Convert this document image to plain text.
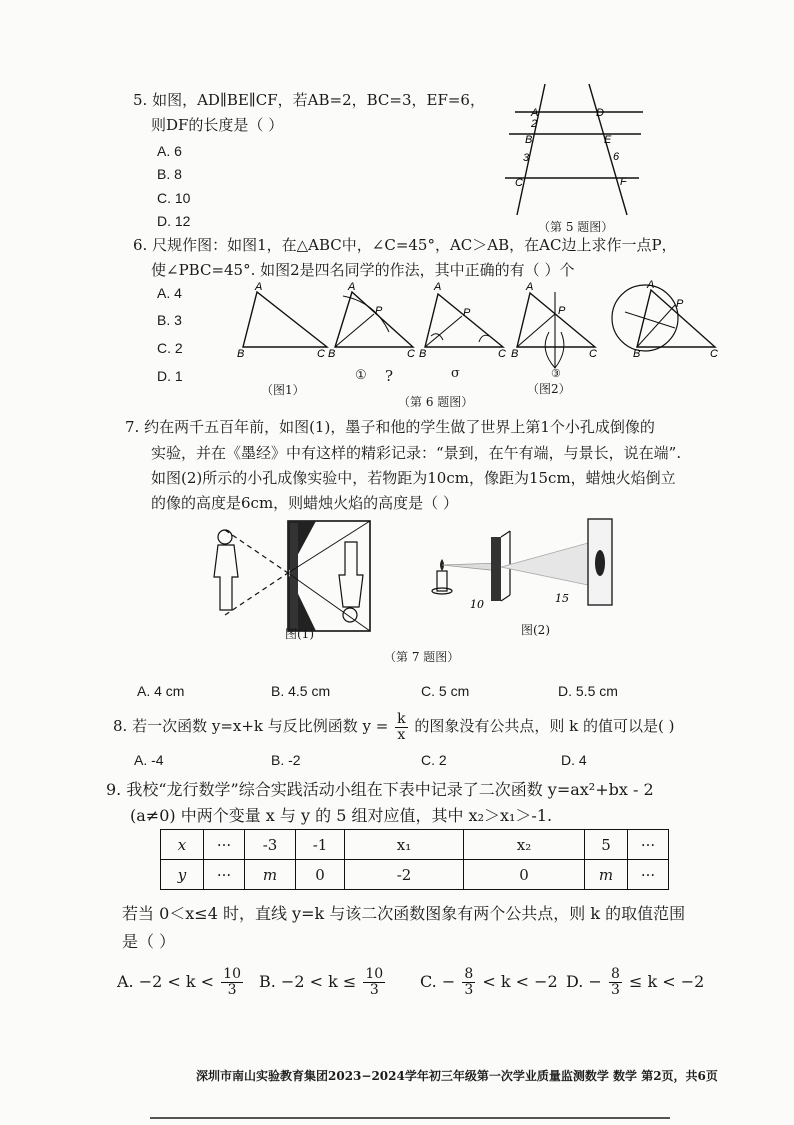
5. 如图，AD∥BE∥CF，若AB=2，BC=3，EF=6，
则DF的长度是（ ）
A. 6
B. 8
C. 10
D. 12
A
2
B
3
C
D
E
6
F
（第 5 题图）
6. 尺规作图：如图1，在△ABC中，∠C=45°，AC＞AB，在AC边上求作一点P，
使∠PBC=45°. 如图2是四名同学的作法，其中正确的有（ ）个
A. 4
B. 3
C. 2
D. 1
A
B	C
A
P
B	C
A
P
B	C
A
P
B	C
A
P
B	C
（图1）
① ?	σ
（图2）
③
（第 6 题图）
7. 约在两千五百年前，如图(1)，墨子和他的学生做了世界上第1个小孔成倒像的
实验，并在《墨经》中有这样的精彩记录：“景到，在午有端，与景长，说在端”.
如图(2)所示的小孔成像实验中，若物距为10cm，像距为15cm，蜡烛火焰倒立
的像的高度是6cm，则蜡烛火焰的高度是（ ）
10	15
图(1)	图(2)
（第 7 题图）
A. 4 cm	B. 4.5 cm	C. 5 cm	D. 5.5 cm
8. 若一次函数 y=x+k 与反比例函数 $y = \frac{k}{x}$ 的图象没有公共点，则 k 的值可以是( )
A. -4	B. -2	C. 2	D. 4
9. 我校“龙行数学”综合实践活动小组在下表中记录了二次函数 y=ax²+bx - 2
(a≠0) 中两个变量 x 与 y 的 5 组对应值，其中 x₂＞x₁＞-1.
x	···	-3	-1	x₁	x₂	5	···
y	···	m	0	-2	0	m	···
若当 0＜x≤4 时，直线 y=k 与该二次函数图象有两个公共点，则 k 的取值范围
是（ ）
A. $-2 < k < \frac{10}{3} B$. $-2 < k \le \frac{10}{3} C$. − $\frac{8}{3} < k < -2$ D. − $\frac{8}{3} \le k < -2$
深圳市南山实验教育集团2023−2024学年初三年级第一次学业质量监测数学 数学 第2页，共6页
